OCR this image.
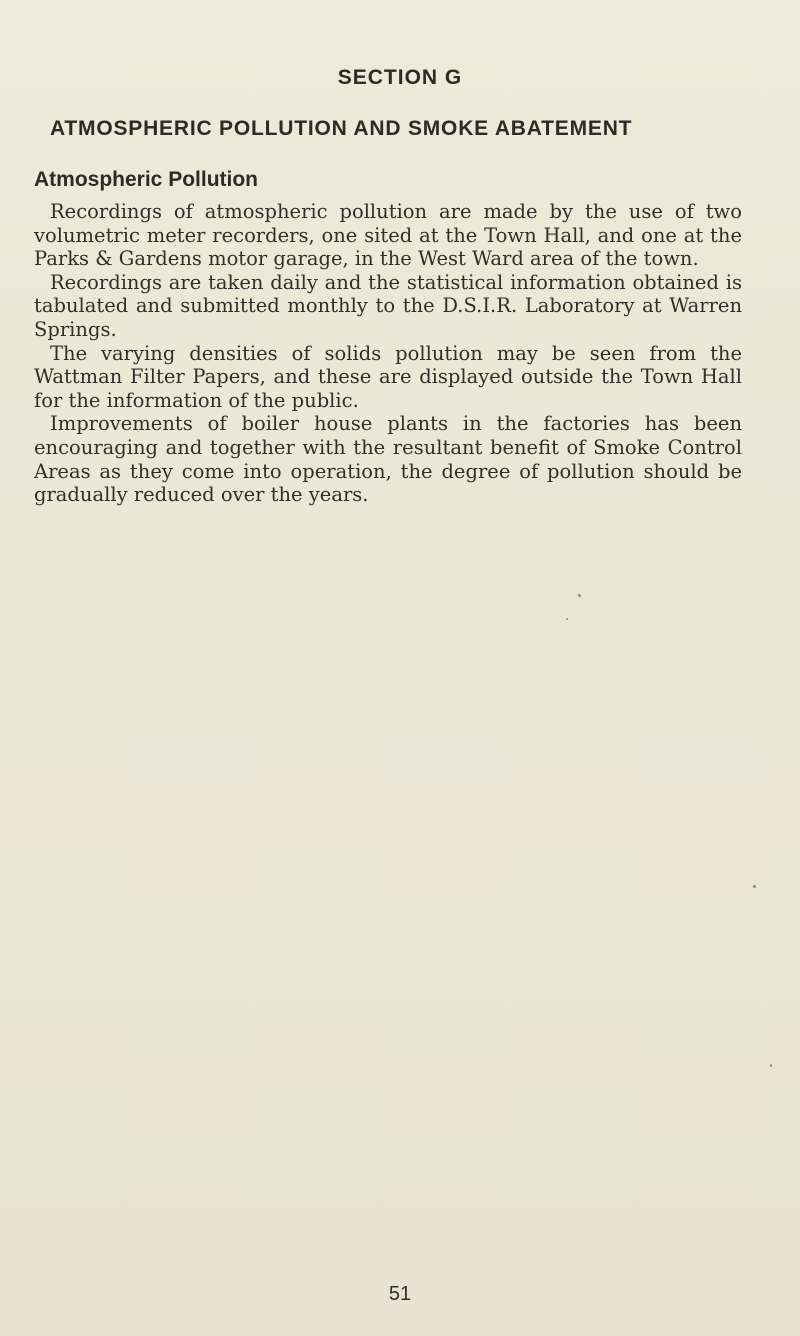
SECTION G
ATMOSPHERIC POLLUTION AND SMOKE ABATEMENT
Atmospheric Pollution

Recordings of atmospheric pollution are made by the use of two volumetric meter recorders, one sited at the Town Hall, and one at the Parks & Gardens motor garage, in the West Ward area of the town.

Recordings are taken daily and the statistical information obtained is tabulated and submitted monthly to the D.S.I.R. Laboratory at Warren Springs.

The varying densities of solids pollution may be seen from the Wattman Filter Papers, and these are displayed outside the Town Hall for the information of the public.

Improvements of boiler house plants in the factories has been encouraging and together with the resultant benefit of Smoke Control Areas as they come into operation, the degree of pollution should be gradually reduced over the years.

51
